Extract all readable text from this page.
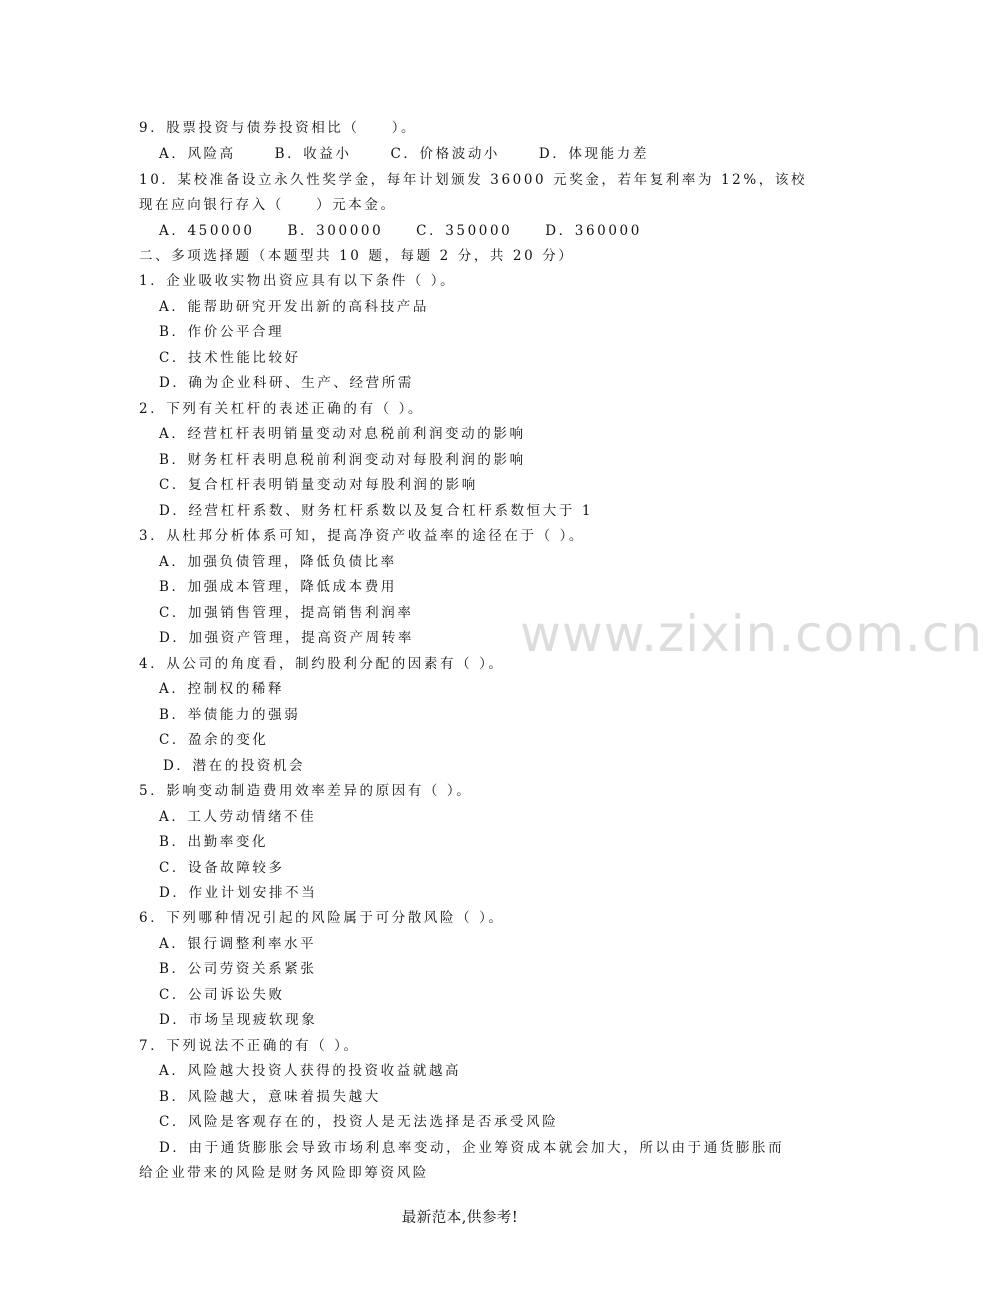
9．股票投资与债券投资相比（　　）。
A．风险高	B．收益小	C．价格波动小	D．体现能力差
10．某校准备设立永久性奖学金，每年计划颁发 36000 元奖金，若年复利率为 12%，该校
现在应向银行存入（　　）元本金。
A．450000 B．300000 C．350000 D．360000
二、多项选择题（本题型共 10 题，每题 2 分，共 20 分）
1．企业吸收实物出资应具有以下条件（ ）。
A．能帮助研究开发出新的高科技产品
B．作价公平合理
C．技术性能比较好
D．确为企业科研、生产、经营所需
2．下列有关杠杆的表述正确的有（ ）。
A．经营杠杆表明销量变动对息税前利润变动的影响
B．财务杠杆表明息税前利润变动对每股利润的影响
C．复合杠杆表明销量变动对每股利润的影响
D．经营杠杆系数、财务杠杆系数以及复合杠杆系数恒大于 1
3．从杜邦分析体系可知，提高净资产收益率的途径在于（ ）。
A．加强负债管理，降低负债比率
B．加强成本管理，降低成本费用
C．加强销售管理，提高销售利润率
D．加强资产管理，提高资产周转率
4．从公司的角度看，制约股利分配的因素有（ ）。
A．控制权的稀释
B．举债能力的强弱
C．盈余的变化
D．潜在的投资机会
5．影响变动制造费用效率差异的原因有（ ）。
A．工人劳动情绪不佳
B．出勤率变化
C．设备故障较多
D．作业计划安排不当
6．下列哪种情况引起的风险属于可分散风险（ ）。
A．银行调整利率水平
B．公司劳资关系紧张
C．公司诉讼失败
D．市场呈现疲软现象
7．下列说法不正确的有（ ）。
A．风险越大投资人获得的投资收益就越高
B．风险越大，意味着损失越大
C．风险是客观存在的，投资人是无法选择是否承受风险
D．由于通货膨胀会导致市场利息率变动，企业筹资成本就会加大，所以由于通货膨胀而
给企业带来的风险是财务风险即筹资风险
www.zixin.com.cn
最新范本,供参考!
